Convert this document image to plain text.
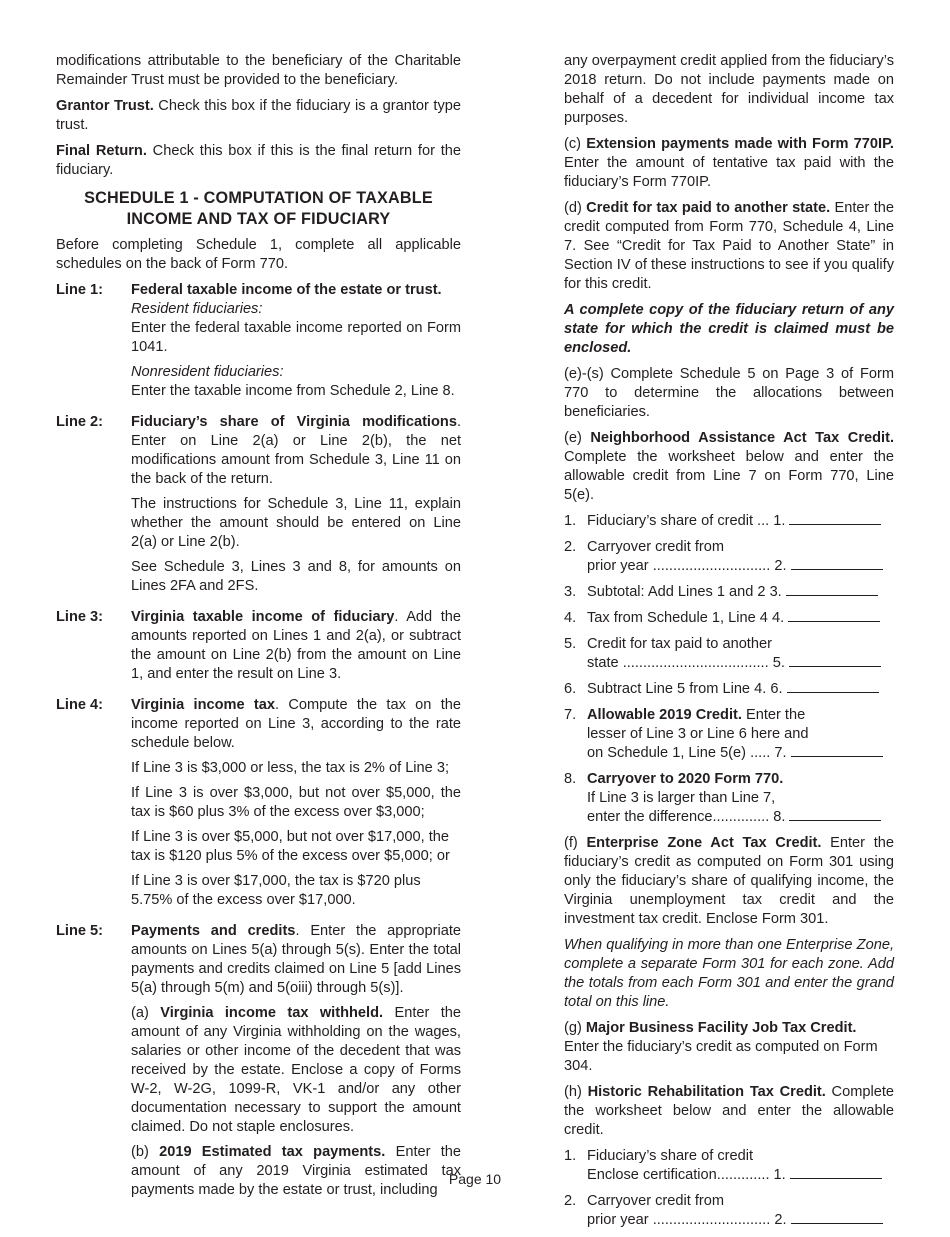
modifications attributable to the beneficiary of the Charitable Remainder Trust must be provided to the beneficiary.

Grantor Trust. Check this box if the fiduciary is a grantor type trust.

Final Return. Check this box if this is the final return for the fiduciary.

SCHEDULE 1 - COMPUTATION OF TAXABLE
INCOME AND TAX OF FIDUCIARY

Before completing Schedule 1, complete all applicable schedules on the back of Form 770.

Line 1:	Federal taxable income of the estate or trust.

Resident fiduciaries:

Enter the federal taxable income reported on Form 1041.

Nonresident fiduciaries:

Enter the taxable income from Schedule 2, Line 8.

Line 2:	Fiduciary’s share of Virginia modifications. Enter on Line 2(a) or Line 2(b), the net modifications amount from Schedule 3, Line 11 on the back of the return.

The instructions for Schedule 3, Line 11, explain whether the amount should be entered on Line 2(a) or Line 2(b).

See Schedule 3, Lines 3 and 8, for amounts on Lines 2FA and 2FS.

Line 3:	Virginia taxable income of fiduciary. Add the amounts reported on Lines 1 and 2(a), or subtract the amount on Line 2(b) from the amount on Line 1, and enter the result on Line 3.

Line 4:	Virginia income tax. Compute the tax on the income reported on Line 3, according to the rate schedule below.

If Line 3 is $3,000 or less, the tax is 2% of Line 3;

If Line 3 is over $3,000, but not over $5,000, the tax is $60 plus 3% of the excess over $3,000;

If Line 3 is over $5,000, but not over $17,000, the tax is $120 plus 5% of the excess over $5,000; or

If Line 3 is over $17,000, the tax is $720 plus 5.75% of the excess over $17,000.

Line 5:	Payments and credits. Enter the appropriate amounts on Lines 5(a) through 5(s). Enter the total payments and credits claimed on Line 5 [add Lines 5(a) through 5(m) and 5(oiii) through 5(s)].

(a) Virginia income tax withheld. Enter the amount of any Virginia withholding on the wages, salaries or other income of the decedent that was received by the estate. Enclose a copy of Forms W-2, W-2G, 1099-R, VK-1 and/or any other documentation necessary to support the amount claimed. Do not staple enclosures.

(b) 2019 Estimated tax payments. Enter the amount of any 2019 Virginia estimated tax payments made by the estate or trust, including

any overpayment credit applied from the fiduciary’s 2018 return. Do not include payments made on behalf of a decedent for individual income tax purposes.

(c) Extension payments made with Form 770IP. Enter the amount of tentative tax paid with the fiduciary’s Form 770IP.

(d) Credit for tax paid to another state. Enter the credit computed from Form 770, Schedule 4, Line 7. See “Credit for Tax Paid to Another State” in Section IV of these instructions to see if you qualify for this credit.

A complete copy of the fiduciary return of any state for which the credit is claimed must be enclosed.

(e)-(s) Complete Schedule 5 on Page 3 of Form 770 to determine the allocations between beneficiaries.

(e) Neighborhood Assistance Act Tax Credit. Complete the worksheet below and enter the allowable credit from Line 7 on Form 770, Line 5(e).

1. Fiduciary’s share of credit ... 1.
2. Carryover credit from
prior year ............................. 2.
3. Subtotal: Add Lines 1 and 2 3.
4. Tax from Schedule 1, Line 4 4.
5. Credit for tax paid to another
state .................................... 5.
6. Subtract Line 5 from Line 4. 6.
7. Allowable 2019 Credit. Enter the
lesser of Line 3 or Line 6 here and
on Schedule 1, Line 5(e) ..... 7.
8. Carryover to 2020 Form 770.
If Line 3 is larger than Line 7,
enter the difference.............. 8.

(f) Enterprise Zone Act Tax Credit. Enter the fiduciary’s credit as computed on Form 301 using only the fiduciary’s share of qualifying income, the Virginia unemployment tax credit and the investment tax credit. Enclose Form 301.

When qualifying in more than one Enterprise Zone, complete a separate Form 301 for each zone. Add the totals from each Form 301 and enter the grand total on this line.

(g) Major Business Facility Job Tax Credit. Enter the fiduciary’s credit as computed on Form 304.

(h) Historic Rehabilitation Tax Credit. Complete the worksheet below and enter the allowable credit.

1. Fiduciary’s share of credit
Enclose certification............. 1.
2. Carryover credit from
prior year ............................. 2.
Page 10
